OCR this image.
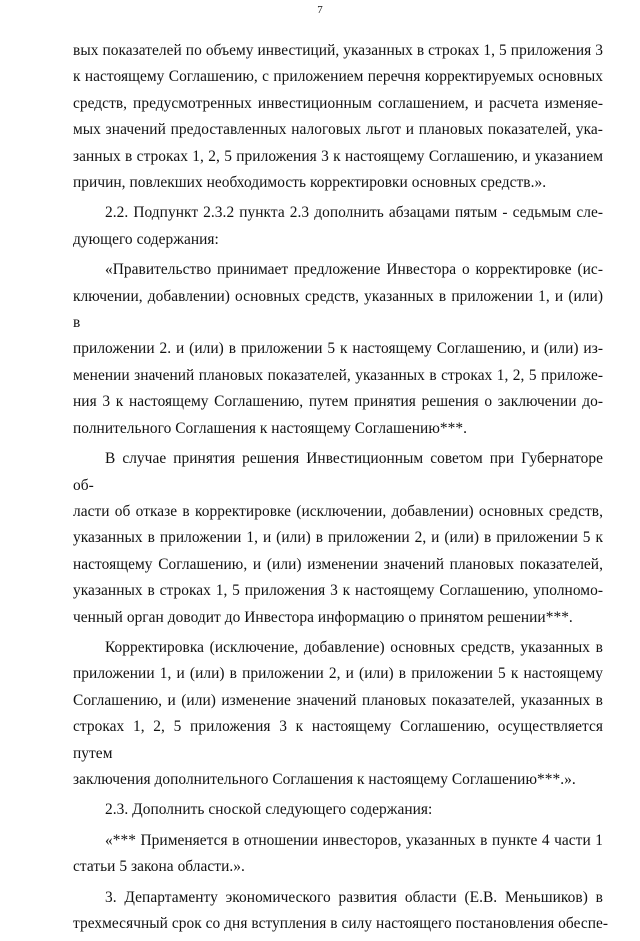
7
вых показателей по объему инвестиций, указанных в строках 1, 5 приложения 3
к настоящему Соглашению, с приложением перечня корректируемых основных
средств, предусмотренных инвестиционным соглашением, и расчета изменяе-
мых значений предоставленных налоговых льгот и плановых показателей, ука-
занных в строках 1, 2, 5 приложения 3 к настоящему Соглашению, и указанием
причин, повлекших необходимость корректировки основных средств.».
2.2. Подпункт 2.3.2 пункта 2.3 дополнить абзацами пятым - седьмым сле-
дующего содержания:
«Правительство принимает предложение Инвестора о корректировке (ис-
ключении, добавлении) основных средств, указанных в приложении 1, и (или) в
приложении 2. и (или) в приложении 5 к настоящему Соглашению, и (или) из-
менении значений плановых показателей, указанных в строках 1, 2, 5 приложе-
ния 3 к настоящему Соглашению, путем принятия решения о заключении до-
полнительного Соглашения к настоящему Соглашению***.
В случае принятия решения Инвестиционным советом при Губернаторе об-
ласти об отказе в корректировке (исключении, добавлении) основных средств,
указанных в приложении 1, и (или) в приложении 2, и (или) в приложении 5 к
настоящему Соглашению, и (или) изменении значений плановых показателей,
указанных в строках 1, 5 приложения 3 к настоящему Соглашению, уполномо-
ченный орган доводит до Инвестора информацию о принятом решении***.
Корректировка (исключение, добавление) основных средств, указанных в
приложении 1, и (или) в приложении 2, и (или) в приложении 5 к настоящему
Соглашению, и (или) изменение значений плановых показателей, указанных в
строках 1, 2, 5 приложения 3 к настоящему Соглашению, осуществляется путем
заключения дополнительного Соглашения к настоящему Соглашению***.».
2.3. Дополнить сноской следующего содержания:
«*** Применяется в отношении инвесторов, указанных в пункте 4 части 1
статьи 5 закона области.».
3. Департаменту экономического развития области (Е.В. Меньшиков) в
трехмесячный срок со дня вступления в силу настоящего постановления обеспе-
